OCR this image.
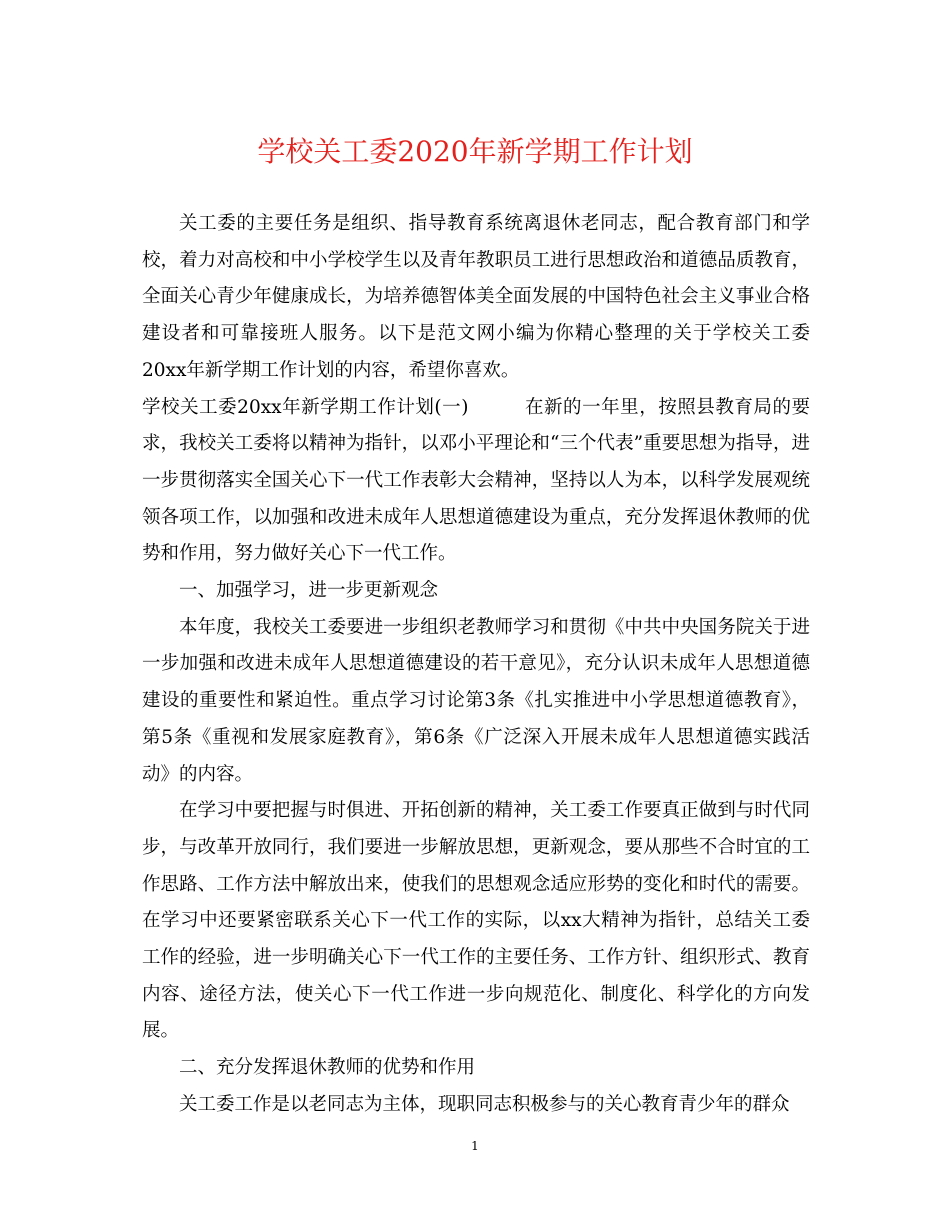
学校关工委2020年新学期工作计划

关工委的主要任务是组织、指导教育系统离退休老同志，配合教育部门和学校，着力对高校和中小学校学生以及青年教职员工进行思想政治和道德品质教育，全面关心青少年健康成长，为培养德智体美全面发展的中国特色社会主义事业合格建设者和可靠接班人服务。以下是范文网小编为你精心整理的关于学校关工委20xx年新学期工作计划的内容，希望你喜欢。

学校关工委20xx年新学期工作计划(一)	在新的一年里，按照县教育局的要求，我校关工委将以精神为指针，以邓小平理论和“三个代表”重要思想为指导，进一步贯彻落实全国关心下一代工作表彰大会精神，坚持以人为本，以科学发展观统领各项工作，以加强和改进未成年人思想道德建设为重点，充分发挥退休教师的优势和作用，努力做好关心下一代工作。

一、加强学习，进一步更新观念

本年度，我校关工委要进一步组织老教师学习和贯彻《中共中央国务院关于进一步加强和改进未成年人思想道德建设的若干意见》，充分认识未成年人思想道德建设的重要性和紧迫性。重点学习讨论第3条《扎实推进中小学思想道德教育》，第5条《重视和发展家庭教育》，第6条《广泛深入开展未成年人思想道德实践活动》的内容。

在学习中要把握与时俱进、开拓创新的精神，关工委工作要真正做到与时代同步，与改革开放同行，我们要进一步解放思想，更新观念，要从那些不合时宜的工作思路、工作方法中解放出来，使我们的思想观念适应形势的变化和时代的需要。在学习中还要紧密联系关心下一代工作的实际，以xx大精神为指针，总结关工委工作的经验，进一步明确关心下一代工作的主要任务、工作方针、组织形式、教育内容、途径方法，使关心下一代工作进一步向规范化、制度化、科学化的方向发展。

二、充分发挥退休教师的优势和作用

关工委工作是以老同志为主体，现职同志积极参与的关心教育青少年的群众

1
